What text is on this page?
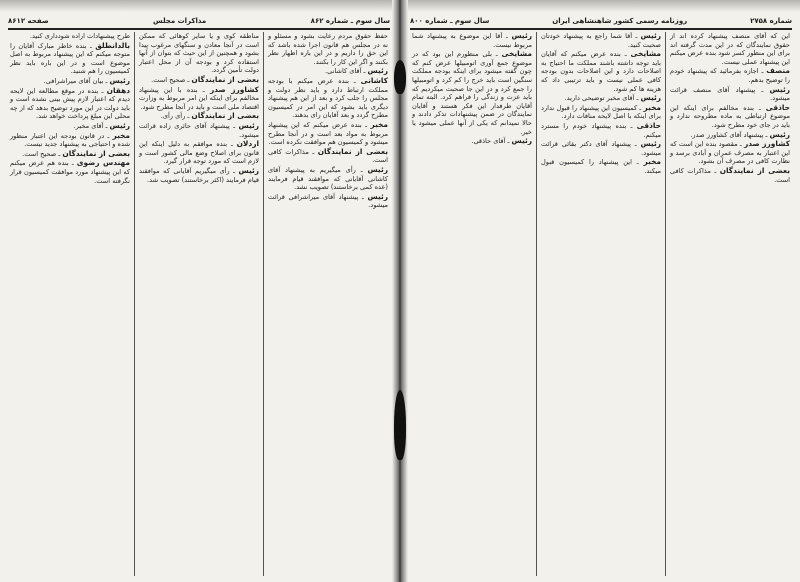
سال سوم ـ شماره ۸۶۲
مذاکرات مجلس
صفحه ۸۶۱۲

حفظ حقوق مردم رعایت بشود و مسئلو و نه در مجلس هم قانون اجرا شده باشد که این حق را داریم و در این باره اظهار نظر بکنند و اگر این کار را بکنند.

رئیس ـ آقای کاشانی.

کاشانی ـ بنده عرض میکنم با بودجه مملکت ارتباط دارد و باید نظر دولت و مجلس را جلب کرد و بعد از این هم پیشنهاد دیگری باید بشود که این امر در کمیسیون مطرح گردد و بعد آقایان رای بدهند.

مخبر ـ بنده عرض میکنم که این پیشنهاد مربوط به مواد بعد است و در آنجا مطرح میشود و کمیسیون هم موافقت نکرده است.

بعضی از نمایندگان ـ مذاکرات کافی است.

رئیس ـ رأی میگیریم به پیشنهاد آقای کاشانی آقایانی که موافقند قیام فرمایند (عده کمی برخاستند) تصویب نشد.

رئیس ـ پیشنهاد آقای میراشرافی قرائت میشود.

مناطقه کوی و یا سایر کوهائی که ممکن است در آنجا معادن و سنگهای مرغوب پیدا بشود و همچنین از این حیث که بتوان از آنها استفاده کرد و بودجه آن از محل اعتبار دولت تأمین گردد.

بعضی از نمایندگان ـ صحیح است.

کشاورز صدر ـ بنده با این پیشنهاد مخالفم برای اینکه این امر مربوط به وزارت اقتصاد ملی است و باید در آنجا مطرح شود.

بعضی از نمایندگان ـ رأی رأی.

رئیس ـ پیشنهاد آقای حائری زاده قرائت میشود.

اردلان ـ بنده موافقم به دلیل اینکه این قانون برای اصلاح وضع مالی کشور است و لازم است که مورد توجه قرار گیرد.

رئیس ـ رأی میگیریم آقایانی که موافقند قیام فرمایند (اکثر برخاستند) تصویب شد.

طرح پیشنهادات اراده شودداری کنید.

بالدانطلق ـ بنده خاطر مبارک آقایان را متوجه میکنم که این پیشنهاد مربوط به اصل موضوع است و در این باره باید نظر کمیسیون را هم شنید.

رئیس ـ بیان آقای میراشرافی.

دهقان ـ بنده در موقع مطالعه این لایحه دیدم که اعتبار لازم پیش بینی نشده است و باید دولت در این مورد توضیح بدهد که از چه محلی این مبلغ پرداخت خواهد شد.

رئیس ـ آقای مخبر.

مخبر ـ در قانون بودجه این اعتبار منظور شده و احتیاجی به پیشنهاد جدید نیست.

بعضی از نمایندگان ـ صحیح است.

مهندس رضوی ـ بنده هم عرض میکنم که این پیشنهاد مورد موافقت کمیسیون قرار نگرفته است.

شماره ۲۷۵۸
روزنامه رسمی کشور شاهنشاهی ایران
سال سوم ـ شماره ۸۰۰

این که آقای منصف پیشنهاد کرده اند از حقوق نمایندگان که در این مدت گرفته اند برای این منظور کسر شود بنده عرض میکنم این پیشنهاد عملی نیست.

منصف ـ اجازه بفرمائید که پیشنهاد خودم را توضیح بدهم.

رئیس ـ پیشنهاد آقای منصف قرائت میشود.

حاذقی ـ بنده مخالفم برای اینکه این موضوع ارتباطی به ماده مطروحه ندارد و باید در جای خود مطرح شود.

رئیس ـ پیشنهاد آقای کشاورز صدر.

کشاورز صدر ـ مقصود بنده این است که این اعتبار به مصرف عمران و آبادی برسد و نظارت کافی در مصرف آن بشود.

بعضی از نمایندگان ـ مذاکرات کافی است.

رئیس ـ آقا شما راجع به پیشنهاد خودتان صحبت کنید.

مشایخی ـ بنده عرض میکنم که آقایان باید توجه داشته باشند مملکت ما احتیاج به اصلاحات دارد و این اصلاحات بدون بودجه کافی عملی نیست و باید ترتیبی داد که هزینه ها کم شود.

رئیس ـ آقای مخبر توضیحی دارید.

مخبر ـ کمیسیون این پیشنهاد را قبول ندارد برای اینکه با اصل لایحه منافات دارد.

حاذقی ـ بنده پیشنهاد خودم را مسترد میکنم.

رئیس ـ پیشنهاد آقای دکتر بقائی قرائت میشود.

مخبر ـ این پیشنهاد را کمیسیون قبول میکند.

رئیس ـ آقا این موضوع به پیشنهاد شما مربوط نیست.

مشایخی ـ بلی منظورم این بود که در موضوع جمع آوری اتومبیلها عرض کنم که چون گفته میشود برای اینکه بودجه مملکت سنگین است باید خرج را کم کرد و اتومبیلها را جمع کرد و در این جا صحبت میکردیم که باید عزت و زندگی را فراهم کرد. البته تمام آقایان طرفدار این فکر هستند و آقایان نمایندگان در ضمن پیشنهادات تذکر دادند و حالا نمیدانم که یکی از آنها عملی میشود یا خیر.

رئیس ـ آقای حاذقی.
